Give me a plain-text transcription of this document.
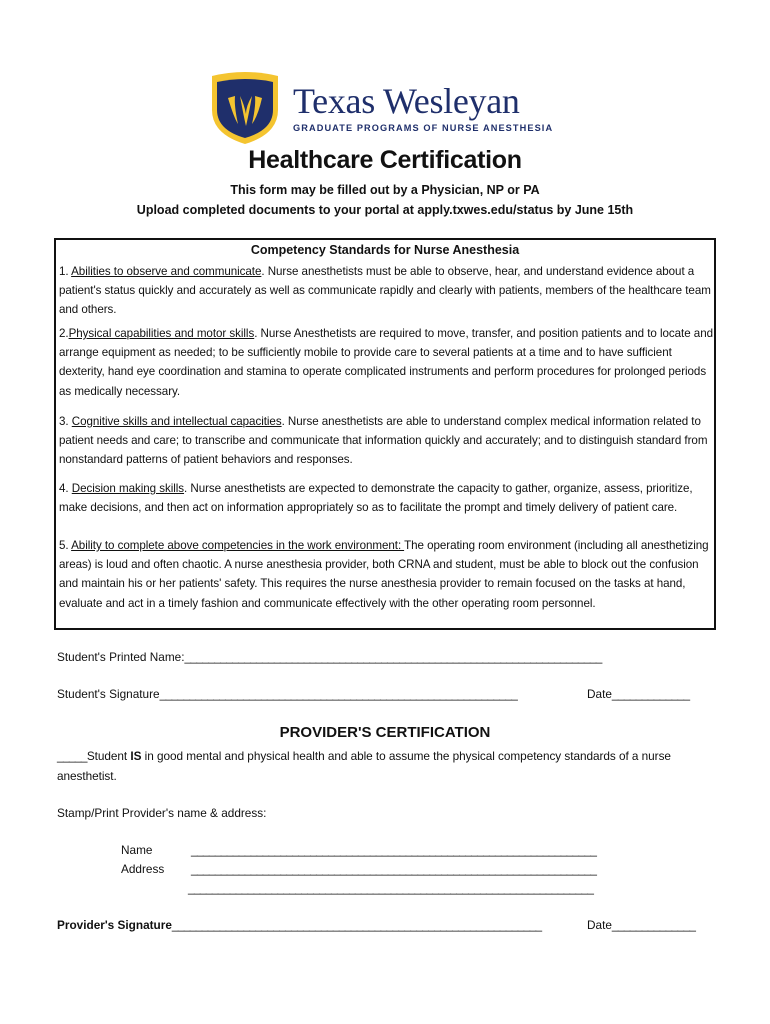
Texas Wesleyan
GRADUATE PROGRAMS OF NURSE ANESTHESIA
Healthcare Certification
This form may be filled out by a Physician, NP or PA
Upload completed documents to your portal at apply.txwes.edu/status by June 15th
Competency Standards for Nurse Anesthesia
1. Abilities to observe and communicate. Nurse anesthetists must be able to observe, hear, and understand evidence about a patient's status quickly and accurately as well as communicate rapidly and clearly with patients, members of the healthcare team and others.
2.Physical capabilities and motor skills. Nurse Anesthetists are required to move, transfer, and position patients and to locate and arrange equipment as needed; to be sufficiently mobile to provide care to several patients at a time and to have sufficient dexterity, hand eye coordination and stamina to operate complicated instruments and perform procedures for prolonged periods as medically necessary.
3. Cognitive skills and intellectual capacities. Nurse anesthetists are able to understand complex medical information related to patient needs and care; to transcribe and communicate that information quickly and accurately; and to distinguish standard from nonstandard patterns of patient behaviors and responses.
4. Decision making skills. Nurse anesthetists are expected to demonstrate the capacity to gather, organize, assess, prioritize, make decisions, and then act on information appropriately so as to facilitate the prompt and timely delivery of patient care.
5. Ability to complete above competencies in the work environment: The operating room environment (including all anesthetizing areas) is loud and often chaotic. A nurse anesthesia provider, both CRNA and student, must be able to block out the confusion and maintain his or her patients' safety. This requires the nurse anesthesia provider to remain focused on the tasks at hand, evaluate and act in a timely fashion and communicate effectively with the other operating room personnel.
Student's Printed Name:______________________________________________________________________
Student's Signature____________________________________________________________	Date_____________
PROVIDER'S CERTIFICATION
_____Student IS in good mental and physical health and able to assume the physical competency standards of a nurse anesthetist.
Stamp/Print Provider's name & address:
Name	____________________________________________________________________
Address ____________________________________________________________________
____________________________________________________________________
Provider's Signature______________________________________________________________	Date______________
